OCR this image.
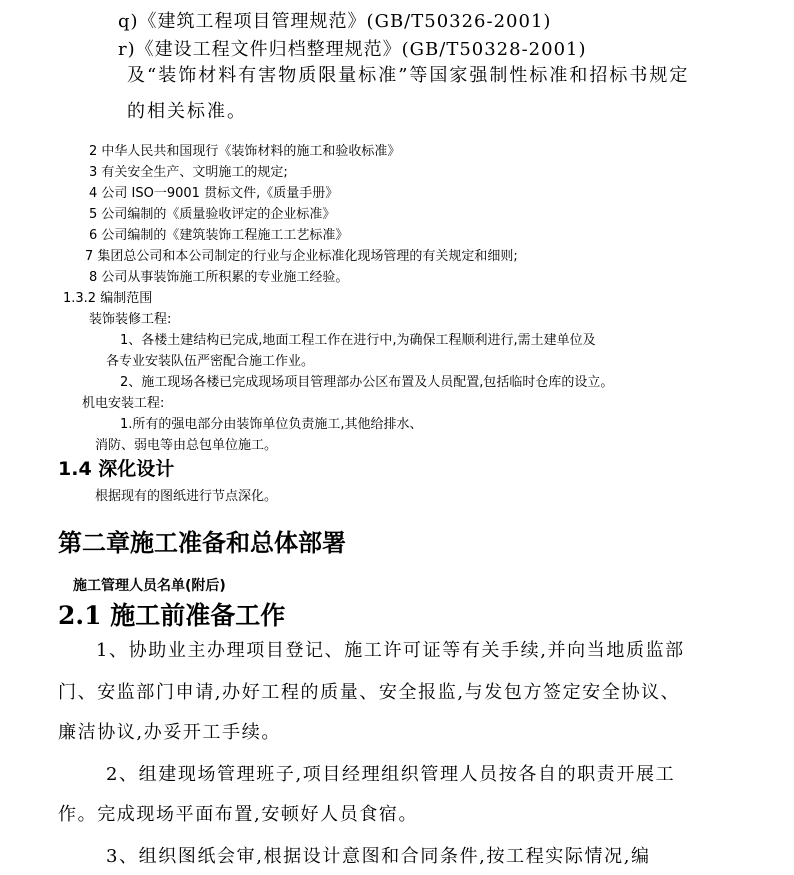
q)《建筑工程项目管理规范》(GB/T50326-2001)

r)《建设工程文件归档整理规范》(GB/T50328-2001)

及“装饰材料有害物质限量标准”等国家强制性标准和招标书规定

的相关标准。

2 中华人民共和国现行《装饰材料的施工和验收标准》

3 有关安全生产、文明施工的规定;

4 公司 ISO一9001 贯标文件,《质量手册》

5 公司编制的《质量验收评定的企业标准》

6 公司编制的《建筑装饰工程施工工艺标准》

7 集团总公司和本公司制定的行业与企业标准化现场管理的有关规定和细则;

8 公司从事装饰施工所积累的专业施工经验。

1.3.2 编制范围

装饰装修工程:

1、各楼土建结构已完成,地面工程工作在进行中,为确保工程顺利进行,需土建单位及

各专业安装队伍严密配合施工作业。

2、施工现场各楼已完成现场项目管理部办公区布置及人员配置,包括临时仓库的设立。

机电安装工程:

1.所有的强电部分由装饰单位负责施工,其他给排水、

消防、弱电等由总包单位施工。

1.4 深化设计

根据现有的图纸进行节点深化。

第二章施工准备和总体部署

施工管理人员名单(附后)

2.1 施工前准备工作

1、协助业主办理项目登记、施工许可证等有关手续,并向当地质监部

门、安监部门申请,办好工程的质量、安全报监,与发包方签定安全协议、

廉洁协议,办妥开工手续。

2、组建现场管理班子,项目经理组织管理人员按各自的职责开展工

作。完成现场平面布置,安顿好人员食宿。

3、组织图纸会审,根据设计意图和合同条件,按工程实际情况,编
